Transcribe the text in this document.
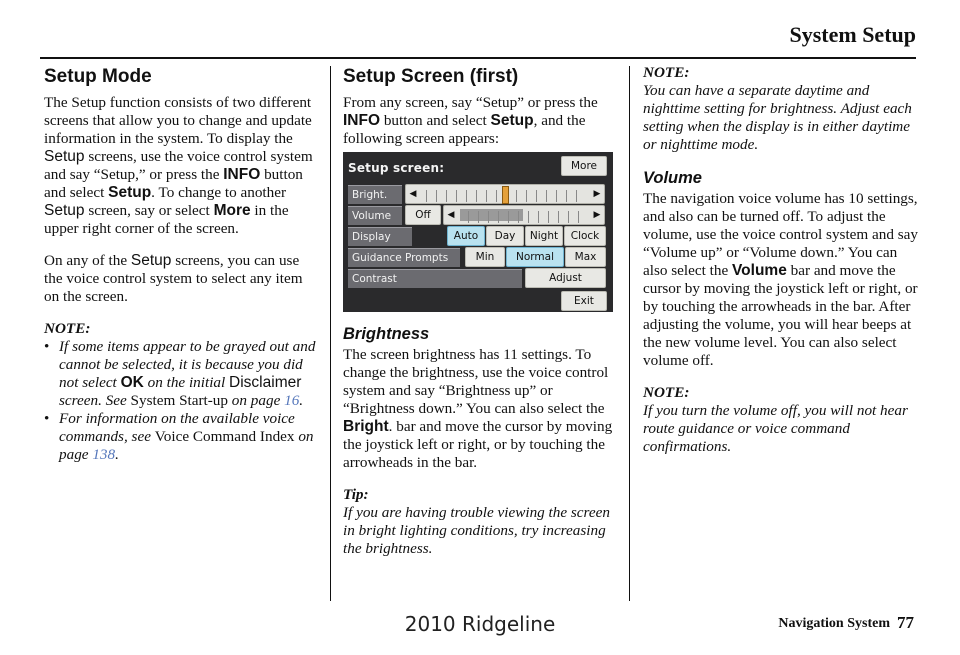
System Setup
Setup Mode

The Setup function consists of two different screens that allow you to change and update information in the system. To display the Setup screens, use the voice control system and say “Setup,” or press the INFO button and select Setup. To change to another Setup screen, say or select More in the upper right corner of the screen.

On any of the Setup screens, you can use the voice control system to select any item on the screen.

NOTE:

• If some items appear to be grayed out and cannot be selected, it is because you did not select OK on the initial Disclaimer screen. See System Start-up on page 16.
• For information on the available voice commands, see Voice Command Index on page 138.
Setup Screen (first)

From any screen, say “Setup” or press the INFO button and select Setup, and the following screen appears:

Setup screen:	More
Bright.	◀	▶
Volume	Off	◀	▶
Display	Auto	Day	Night	Clock
Guidance Prompts	Min	Normal	Max
Contrast	Adjust
Exit
Brightness

The screen brightness has 11 settings. To change the brightness, use the voice control system and say “Brightness up” or “Brightness down.” You can also select the Bright. bar and move the cursor by moving the joystick left or right, or by touching the arrowheads in the bar.

Tip:

If you are having trouble viewing the screen in bright lighting conditions, try increasing the brightness.

NOTE:

You can have a separate daytime and nighttime setting for brightness. Adjust each setting when the display is in either daytime or nighttime mode.

Volume

The navigation voice volume has 10 settings, and also can be turned off. To adjust the volume, use the voice control system and say “Volume up” or “Volume down.” You can also select the Volume bar and move the cursor by moving the joystick left or right, or by touching the arrowheads in the bar. After adjusting the volume, you will hear beeps at the new volume level. You can also select volume off.

NOTE:

If you turn the volume off, you will not hear route guidance or voice command confirmations.

Navigation System 77
2010 Ridgeline
